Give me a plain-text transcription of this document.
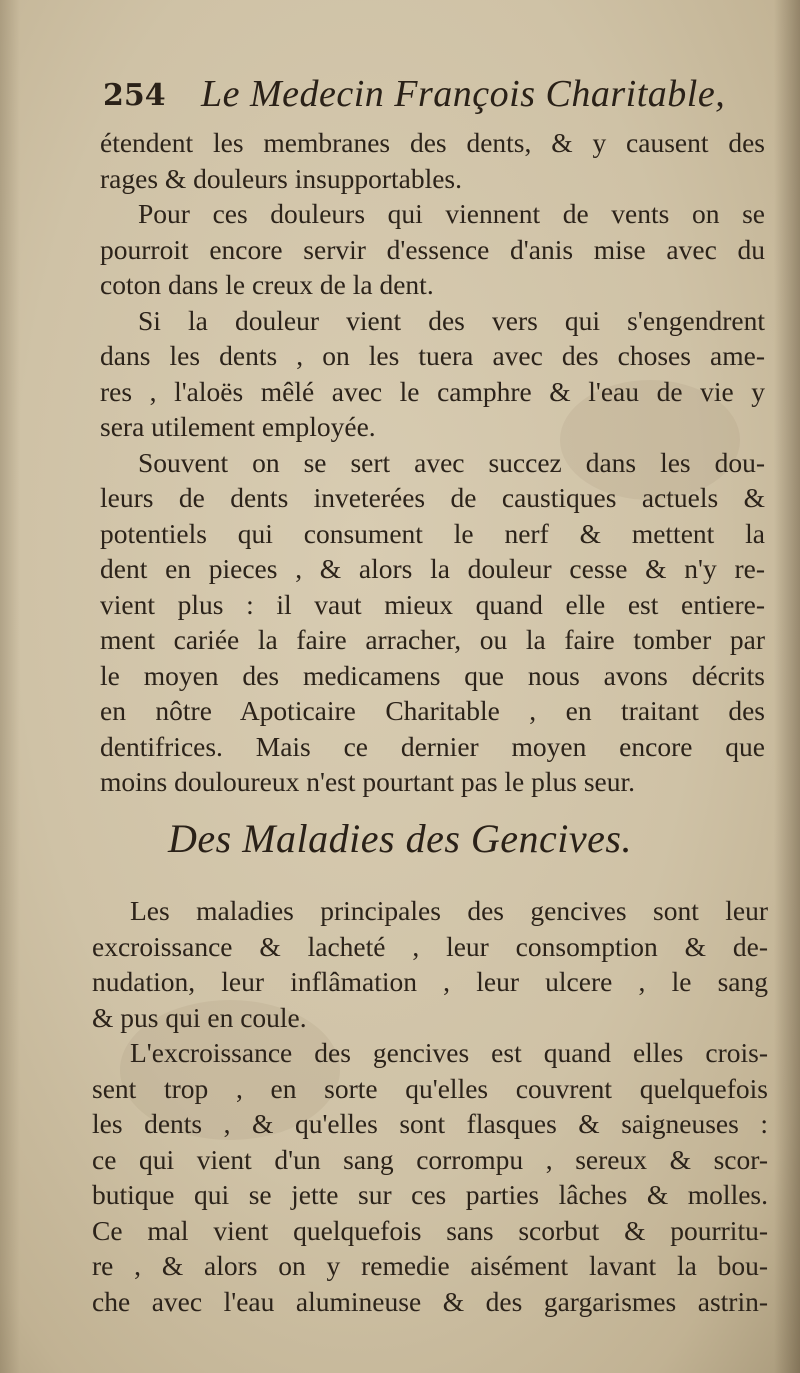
254 Le Medecin François Charitable,
étendent les membranes des dents, & y causent des
rages & douleurs insupportables.
Pour ces douleurs qui viennent de vents on se
pourroit encore servir d'essence d'anis mise avec du
coton dans le creux de la dent.
Si la douleur vient des vers qui s'engendrent
dans les dents , on les tuera avec des choses ame-
res , l'aloës mêlé avec le camphre & l'eau de vie y
sera utilement employée.
Souvent on se sert avec succez dans les dou-
leurs de dents inveterées de caustiques actuels &
potentiels qui consument le nerf & mettent la
dent en pieces , & alors la douleur cesse & n'y re-
vient plus : il vaut mieux quand elle est entiere-
ment cariée la faire arracher, ou la faire tomber par
le moyen des medicamens que nous avons décrits
en nôtre Apoticaire Charitable , en traitant des
dentifrices. Mais ce dernier moyen encore que
moins douloureux n'est pourtant pas le plus seur.
Des Maladies des Gencives.
Les maladies principales des gencives sont leur
excroissance & lacheté , leur consomption & de-
nudation, leur inflâmation , leur ulcere , le sang
& pus qui en coule.
L'excroissance des gencives est quand elles crois-
sent trop , en sorte qu'elles couvrent quelquefois
les dents , & qu'elles sont flasques & saigneuses :
ce qui vient d'un sang corrompu , sereux & scor-
butique qui se jette sur ces parties lâches & molles.
Ce mal vient quelquefois sans scorbut & pourritu-
re , & alors on y remedie aisément lavant la bou-
che avec l'eau alumineuse & des gargarismes astrin-
